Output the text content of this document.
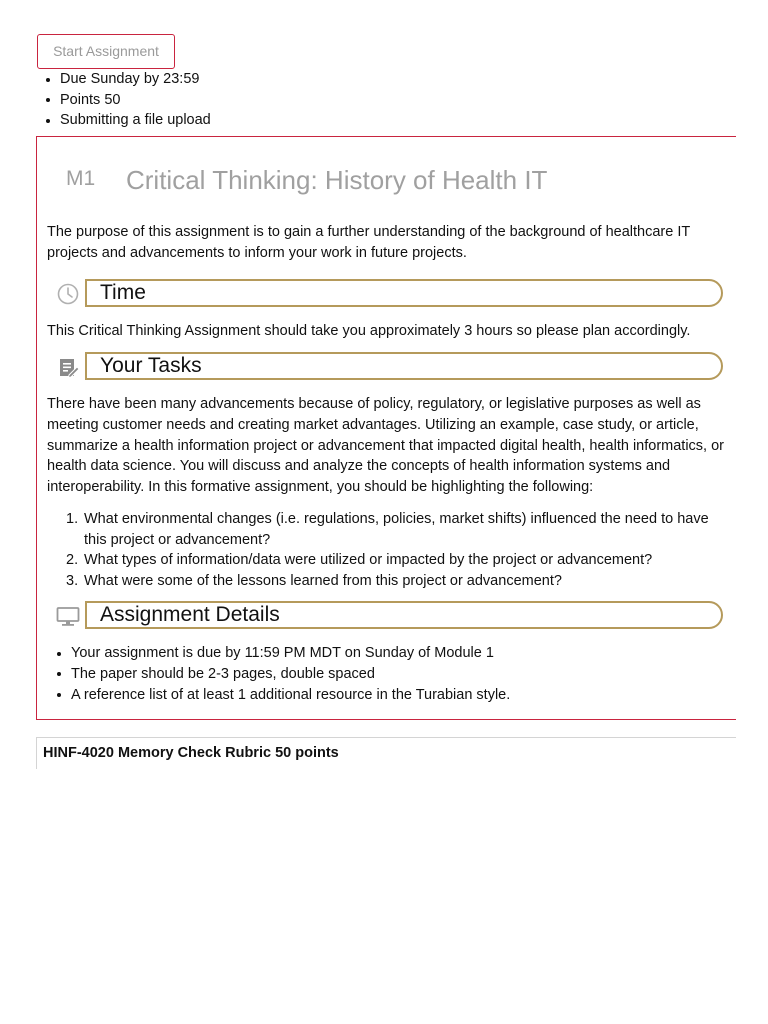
Start Assignment
Due Sunday by 23:59
Points 50
Submitting a file upload
M1 Critical Thinking: History of Health IT

The purpose of this assignment is to gain a further understanding of the background of healthcare IT projects and advancements to inform your work in future projects.

Time

This Critical Thinking Assignment should take you approximately 3 hours so please plan accordingly.

Your Tasks

There have been many advancements because of policy, regulatory, or legislative purposes as well as meeting customer needs and creating market advantages. Utilizing an example, case study, or article, summarize a health information project or advancement that impacted digital health, health informatics, or health data science. You will discuss and analyze the concepts of health information systems and interoperability. In this formative assignment, you should be highlighting the following:

1. What environmental changes (i.e. regulations, policies, market shifts) influenced the need to have this project or advancement?
2. What types of information/data were utilized or impacted by the project or advancement?
3. What were some of the lessons learned from this project or advancement?
Assignment Details
Your assignment is due by 11:59 PM MDT on Sunday of Module 1
The paper should be 2-3 pages, double spaced
A reference list of at least 1 additional resource in the Turabian style.
HINF-4020 Memory Check Rubric 50 points
